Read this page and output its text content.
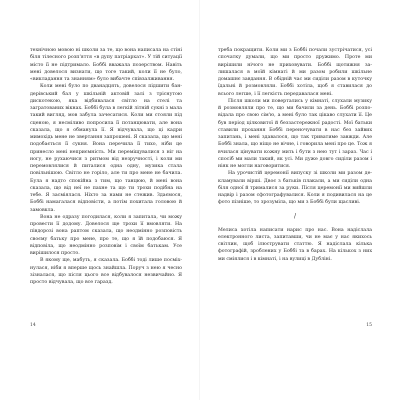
технічною мовою ні школи за те, що вона написала на стіні біля тілесного розп'яття «в дупу патріархат». У тій ситуації місто її не підтримало. Боббі вважала позерством. Навіть мені довелося визнати, що тоге такий, коли її не було, «викладання та знанням» було вибачте співзалживання.

Коли мені було по дванадцять, довелося підшити бандерівський бал у шкільній актовій залі з тріснутою дискотекою, яка відбивалася світло на стелі та загратованих вікнах. Боббі була в легкій літній сукні з мала такий вигляд, мов забула зачесатися. Коли ми стояли під сценою, я несміливо попросила її потанцювати, але вона сказала, що я обманула її. Я відчувала, що ці кадри мимохідь мене не звертання запрошені. Я сказала, що мені подобається її сукня. Вона перечила її тихо, ніби це принесло мені неприємність. Ми переміщувалися з ніг на ногу, не рухаючися з ритмом від незручності, і коли ми перемовлялися й питалися одна одну, музика стала повільнішою. Світло не горіло, але ти про мене не бачила. Була я надто спокійна з тим, що танцюю, й мені вона сказала, що від неї не пахне та що ти трохи подібна на тебе. Я засміялася. Ніхто за нами не стежив. Здаємося, Боббі намагалася відповісти, а потім похитала головою й замовкла.

Вона не одразу погодилася, коли я запитала, чи можу провести її додому. Довелося ще трохи її вмовляти. На півдорозі вона раптом сказала, що неодмінно розповість своєму батьку про мене, про те, що я їй подобаюся. Я відповіла, що неодмінно розповім і своїм батькам. Усе вирішилося просто.

В якому ще, мабуть, я сказала. Боббі тоді лише посміхнулася, ніби я вперше щось знайшла. Поруч з нею я чесно зізналася, що після цього все відбувалося незвичайно. Я просто відчувала, що все гаразд.

14

треба покращити. Коли ми з Боббі почали зустрічатися, усі спочатку думали, що ми просто дружимо. Проте ми вирішили нічого не приховувати. Боббі щотижня залишалася в моїй кімнаті й ми разом робили шкільне домашнє завдання. В обідній час ми сиділи разом в куточку їдальні й розмовляли. Боббі хотіла, щоб я ставилася до всього легше, і її легкість передавалася мені.

Після школи ми повертались у кімнаті, слухали музику й розмовляли про те, що ми бачили за день. Боббі розповідала про свою сім'ю, а мені було так цікаво слухати її. Це був період цілковитої й беззастережної радості. Мої батьки ставили прохання Боббі переночувати в нас без зайвих запитань, і мені здавалося, що так триватиме завжди. Але Боббі знала, що ніщо не вічне, і говорила мені про це. Тож я вчилася цінувати кожну мить і бути з нею тут і зараз. Час і спосіб ми мали такий, як усі. Ми дуже довго сиділи разом і ніяк не могли наговоритися.

На урочистій церемонії випуску зі школи ми разом декламували вірші. Двоє з батьків плакали, а ми сиділи одна біля одної й трималися за руки. Після церемонії ми вийшли надвір і разом сфотографувалися. Коли я подивилася на це фото пізніше, то зрозуміла, що ми з Боббі були щасливі.

/

Мелиса хотіла написати нарис про нас. Вона надіслала електронного листа, запитавши, чи не має у нас якихось світлин, щоб ілюструвати статтю. Я надіслала кілька фотографій, зроблених у Боббі та в барах. На кількох з них ми сміялися і в кімнаті, і на вулиці в Дубліні.

15
